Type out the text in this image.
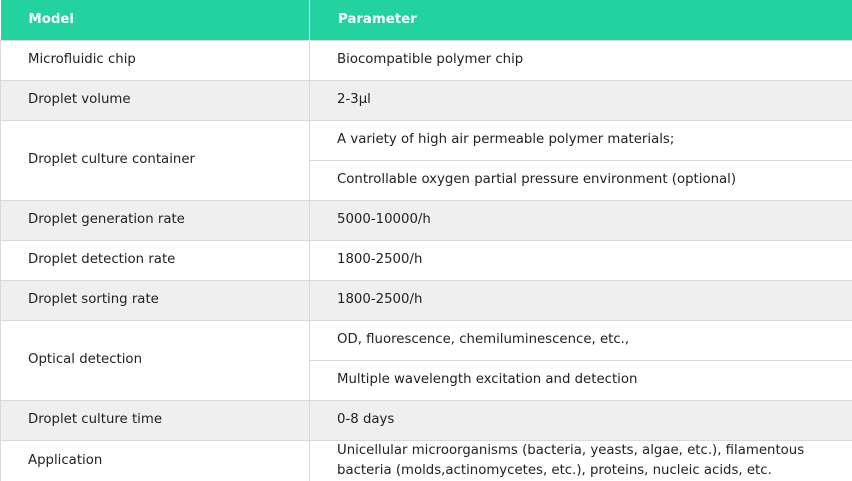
Model	Parameter
Microfluidic chip	Biocompatible polymer chip
Droplet volume	2-3μl
Droplet culture container	A variety of high air permeable polymer materials;
	Controllable oxygen partial pressure environment (optional)
Droplet generation rate	5000-10000/h
Droplet detection rate	1800-2500/h
Droplet sorting rate	1800-2500/h
Optical detection	OD, fluorescence, chemiluminescence, etc.,
	Multiple wavelength excitation and detection
Droplet culture time	0-8 days
Application	Unicellular microorganisms (bacteria, yeasts, algae, etc.), filamentous bacteria (molds,actinomycetes, etc.), proteins, nucleic acids, etc.
